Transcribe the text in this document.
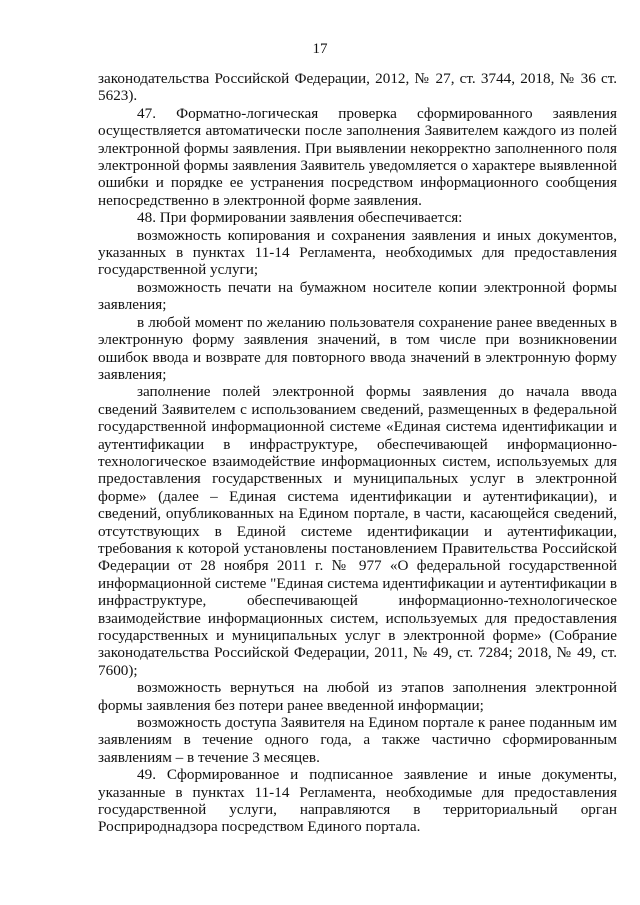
17

законодательства Российской Федерации, 2012, № 27, ст. 3744, 2018, № 36 ст. 5623).

47. Форматно-логическая проверка сформированного заявления осуществляется автоматически после заполнения Заявителем каждого из полей электронной формы заявления. При выявлении некорректно заполненного поля электронной формы заявления Заявитель уведомляется о характере выявленной ошибки и порядке ее устранения посредством информационного сообщения непосредственно в электронной форме заявления.

48. При формировании заявления обеспечивается:

возможность копирования и сохранения заявления и иных документов, указанных в пунктах 11-14 Регламента, необходимых для предоставления государственной услуги;

возможность печати на бумажном носителе копии электронной формы заявления;

в любой момент по желанию пользователя сохранение ранее введенных в электронную форму заявления значений, в том числе при возникновении ошибок ввода и возврате для повторного ввода значений в электронную форму заявления;

заполнение полей электронной формы заявления до начала ввода сведений Заявителем с использованием сведений, размещенных в федеральной государственной информационной системе «Единая система идентификации и аутентификации в инфраструктуре, обеспечивающей информационно-технологическое взаимодействие информационных систем, используемых для предоставления государственных и муниципальных услуг в электронной форме» (далее – Единая система идентификации и аутентификации), и сведений, опубликованных на Едином портале, в части, касающейся сведений, отсутствующих в Единой системе идентификации и аутентификации, требования к которой установлены постановлением Правительства Российской Федерации от 28 ноября 2011 г. № 977 «О федеральной государственной информационной системе "Единая система идентификации и аутентификации в инфраструктуре, обеспечивающей информационно-технологическое взаимодействие информационных систем, используемых для предоставления государственных и муниципальных услуг в электронной форме» (Собрание законодательства Российской Федерации, 2011, № 49, ст. 7284; 2018, № 49, ст. 7600);

возможность вернуться на любой из этапов заполнения электронной формы заявления без потери ранее введенной информации;

возможность доступа Заявителя на Едином портале к ранее поданным им заявлениям в течение одного года, а также частично сформированным заявлениям – в течение 3 месяцев.

49. Сформированное и подписанное заявление и иные документы, указанные в пунктах 11-14 Регламента, необходимые для предоставления государственной услуги, направляются в территориальный орган Росприроднадзора посредством Единого портала.
